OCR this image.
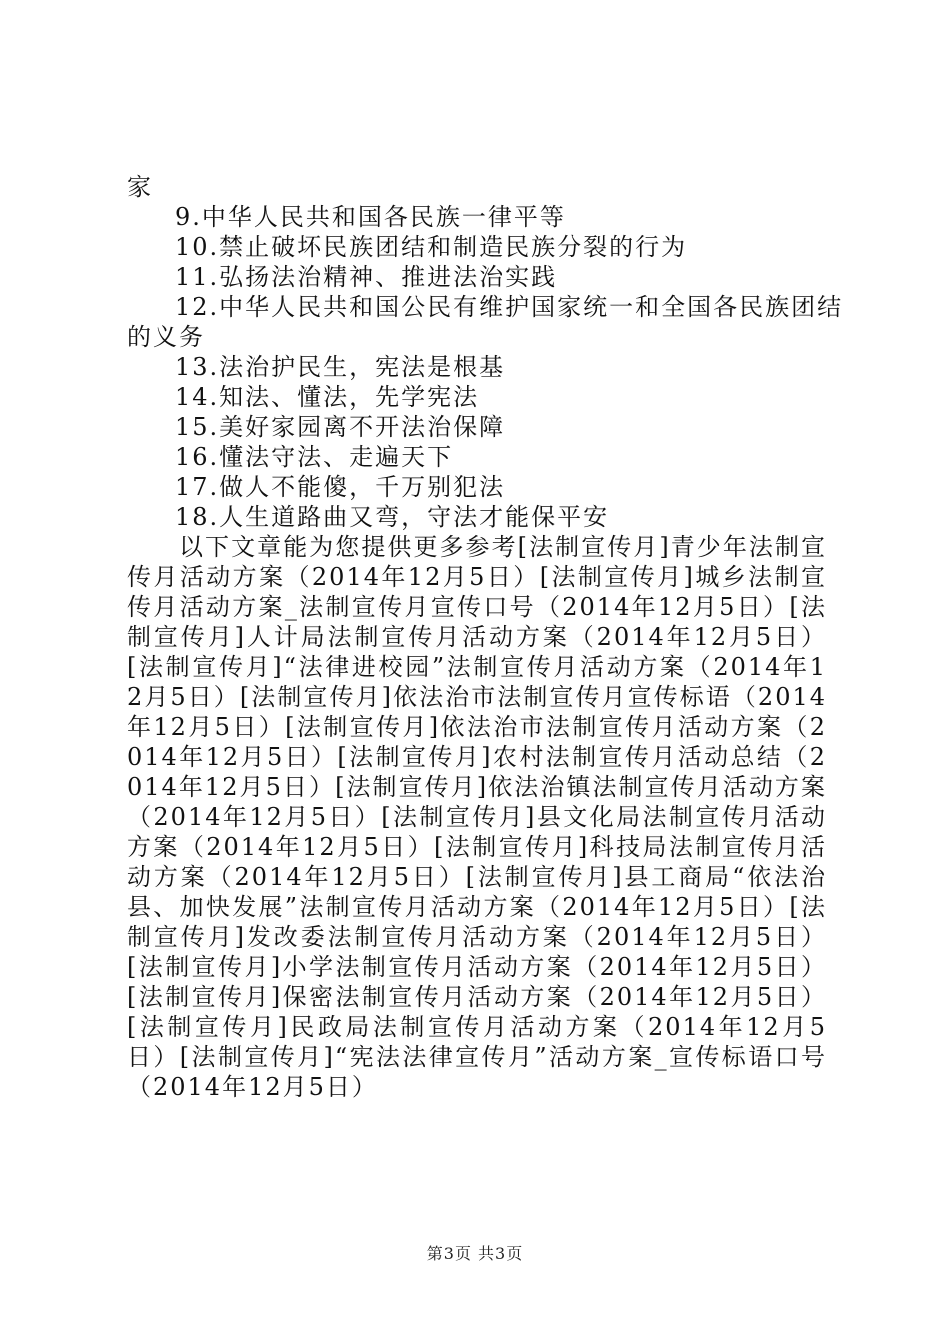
家

9.中华人民共和国各民族一律平等

10.禁止破坏民族团结和制造民族分裂的行为

11.弘扬法治精神、推进法治实践

12.中华人民共和国公民有维护国家统一和全国各民族团结

的义务

13.法治护民生，宪法是根基

14.知法、懂法，先学宪法

15.美好家园离不开法治保障

16.懂法守法、走遍天下

17.做人不能傻，千万别犯法

18.人生道路曲又弯，守法才能保平安

以下文章能为您提供更多参考[法制宣传月]青少年法制宣传月活动方案（2014年12月5日）[法制宣传月]城乡法制宣传月活动方案_法制宣传月宣传口号（2014年12月5日）[法制宣传月]人计局法制宣传月活动方案（2014年12月5日）[法制宣传月]“法律进校园”法制宣传月活动方案（2014年12月5日）[法制宣传月]依法治市法制宣传月宣传标语（2014年12月5日）[法制宣传月]依法治市法制宣传月活动方案（2014年12月5日）[法制宣传月]农村法制宣传月活动总结（2014年12月5日）[法制宣传月]依法治镇法制宣传月活动方案（2014年12月5日）[法制宣传月]县文化局法制宣传月活动方案（2014年12月5日）[法制宣传月]科技局法制宣传月活动方案（2014年12月5日）[法制宣传月]县工商局“依法治县、加快发展”法制宣传月活动方案（2014年12月5日）[法制宣传月]发改委法制宣传月活动方案（2014年12月5日）[法制宣传月]小学法制宣传月活动方案（2014年12月5日）[法制宣传月]保密法制宣传月活动方案（2014年12月5日）[法制宣传月]民政局法制宣传月活动方案（2014年12月5日）[法制宣传月]“宪法法律宣传月”活动方案_宣传标语口号（2014年12月5日）

第3页 共3页
